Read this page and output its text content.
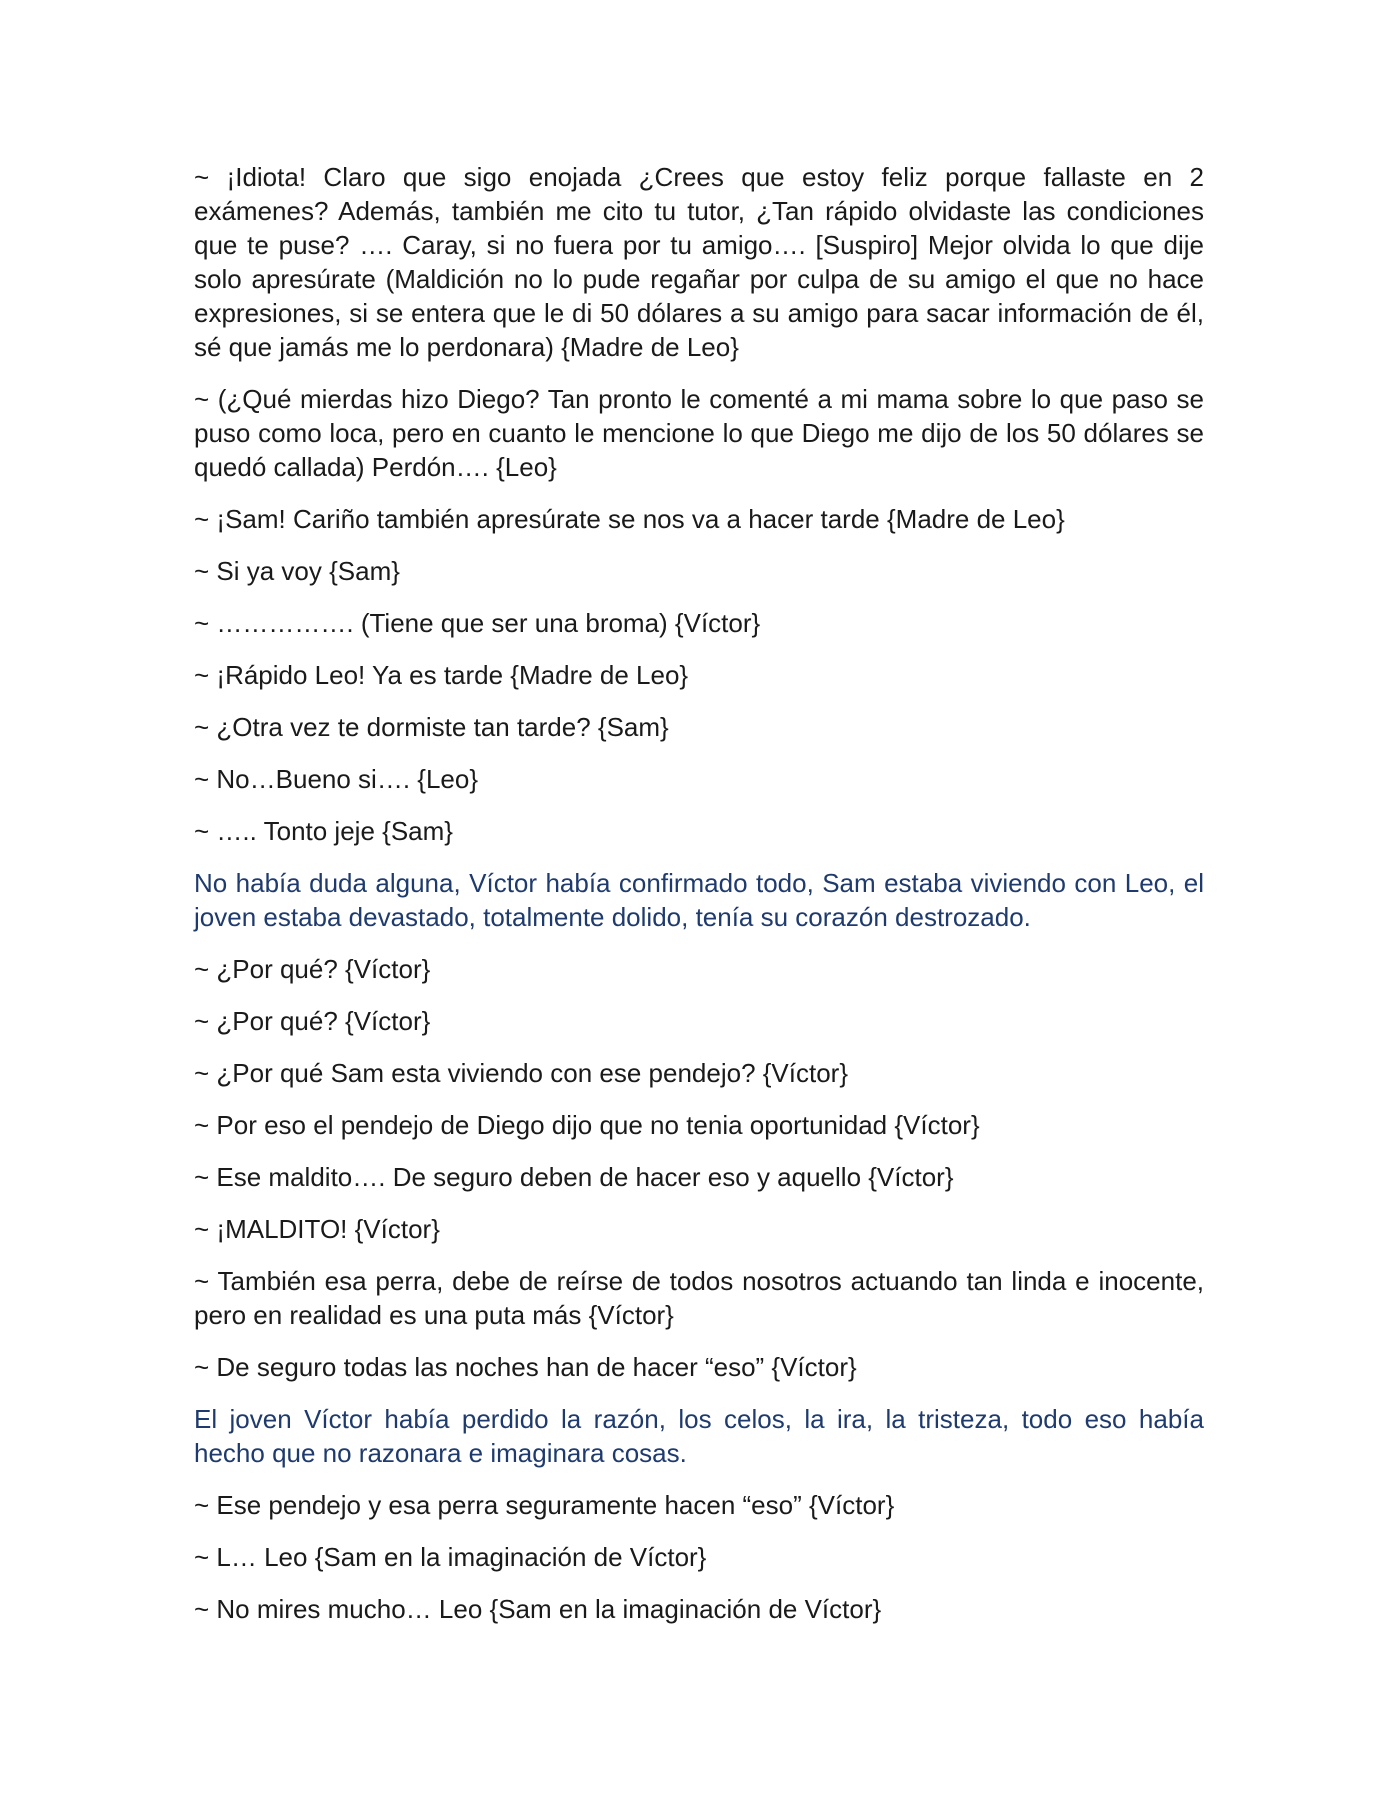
~ ¡Idiota! Claro que sigo enojada ¿Crees que estoy feliz porque fallaste en 2 exámenes? Además, también me cito tu tutor, ¿Tan rápido olvidaste las condiciones que te puse? …. Caray, si no fuera por tu amigo…. [Suspiro] Mejor olvida lo que dije solo apresúrate (Maldición no lo pude regañar por culpa de su amigo el que no hace expresiones, si se entera que le di 50 dólares a su amigo para sacar información de él, sé que jamás me lo perdonara) {Madre de Leo}

~ (¿Qué mierdas hizo Diego? Tan pronto le comenté a mi mama sobre lo que paso se puso como loca, pero en cuanto le mencione lo que Diego me dijo de los 50 dólares se quedó callada) Perdón…. {Leo}

~ ¡Sam! Cariño también apresúrate se nos va a hacer tarde {Madre de Leo}

~ Si ya voy {Sam}

~ ……………. (Tiene que ser una broma) {Víctor}

~ ¡Rápido Leo! Ya es tarde {Madre de Leo}

~ ¿Otra vez te dormiste tan tarde? {Sam}

~ No…Bueno si…. {Leo}

~ ….. Tonto jeje {Sam}

No había duda alguna, Víctor había confirmado todo, Sam estaba viviendo con Leo, el joven estaba devastado, totalmente dolido, tenía su corazón destrozado.

~ ¿Por qué? {Víctor}

~ ¿Por qué? {Víctor}

~ ¿Por qué Sam esta viviendo con ese pendejo? {Víctor}

~ Por eso el pendejo de Diego dijo que no tenia oportunidad {Víctor}

~ Ese maldito…. De seguro deben de hacer eso y aquello {Víctor}

~ ¡MALDITO! {Víctor}

~ También esa perra, debe de reírse de todos nosotros actuando tan linda e inocente, pero en realidad es una puta más {Víctor}

~ De seguro todas las noches han de hacer “eso” {Víctor}

El joven Víctor había perdido la razón, los celos, la ira, la tristeza, todo eso había hecho que no razonara e imaginara cosas.

~ Ese pendejo y esa perra seguramente hacen “eso” {Víctor}

~ L… Leo {Sam en la imaginación de Víctor}

~ No mires mucho… Leo {Sam en la imaginación de Víctor}
